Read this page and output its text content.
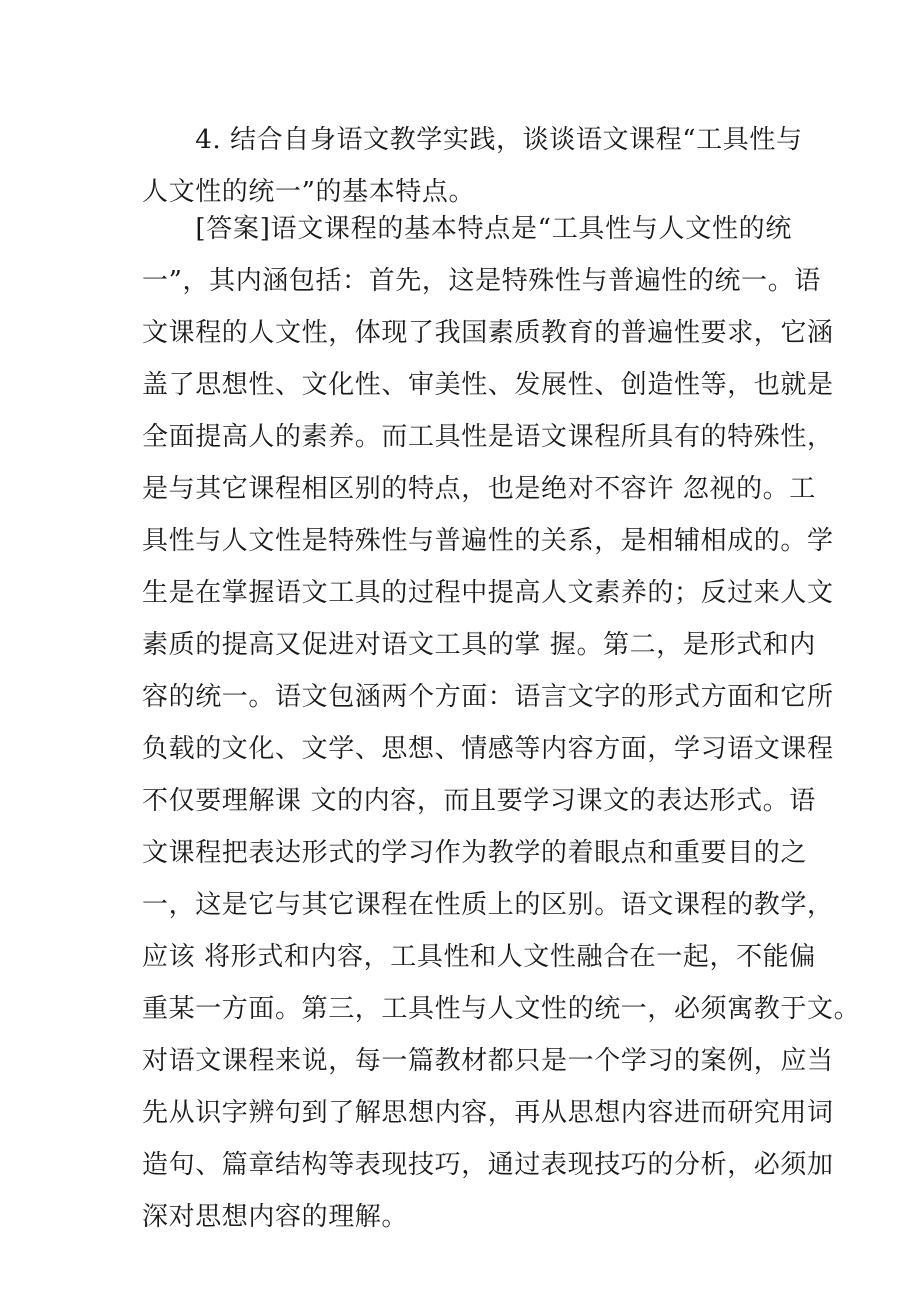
　　4. 结合自身语文教学实践，谈谈语文课程“工具性与
人文性的统一”的基本特点。
　　[答案]语文课程的基本特点是“工具性与人文性的统
一”，其内涵包括：首先，这是特殊性与普遍性的统一。语
文课程的人文性，体现了我国素质教育的普遍性要求，它涵
盖了思想性、文化性、审美性、发展性、创造性等，也就是
全面提高人的素养。而工具性是语文课程所具有的特殊性，
是与其它课程相区别的特点，也是绝对不容许 忽视的。工
具性与人文性是特殊性与普遍性的关系，是相辅相成的。学
生是在掌握语文工具的过程中提高人文素养的；反过来人文
素质的提高又促进对语文工具的掌 握。第二，是形式和内
容的统一。语文包涵两个方面：语言文字的形式方面和它所
负载的文化、文学、思想、情感等内容方面，学习语文课程
不仅要理解课 文的内容，而且要学习课文的表达形式。语
文课程把表达形式的学习作为教学的着眼点和重要目的之
一，这是它与其它课程在性质上的区别。语文课程的教学，
应该 将形式和内容，工具性和人文性融合在一起，不能偏
重某一方面。第三，工具性与人文性的统一，必须寓教于文。
对语文课程来说，每一篇教材都只是一个学习的案例，应当
先从识字辨句到了解思想内容，再从思想内容进而研究用词
造句、篇章结构等表现技巧，通过表现技巧的分析，必须加
深对思想内容的理解。
